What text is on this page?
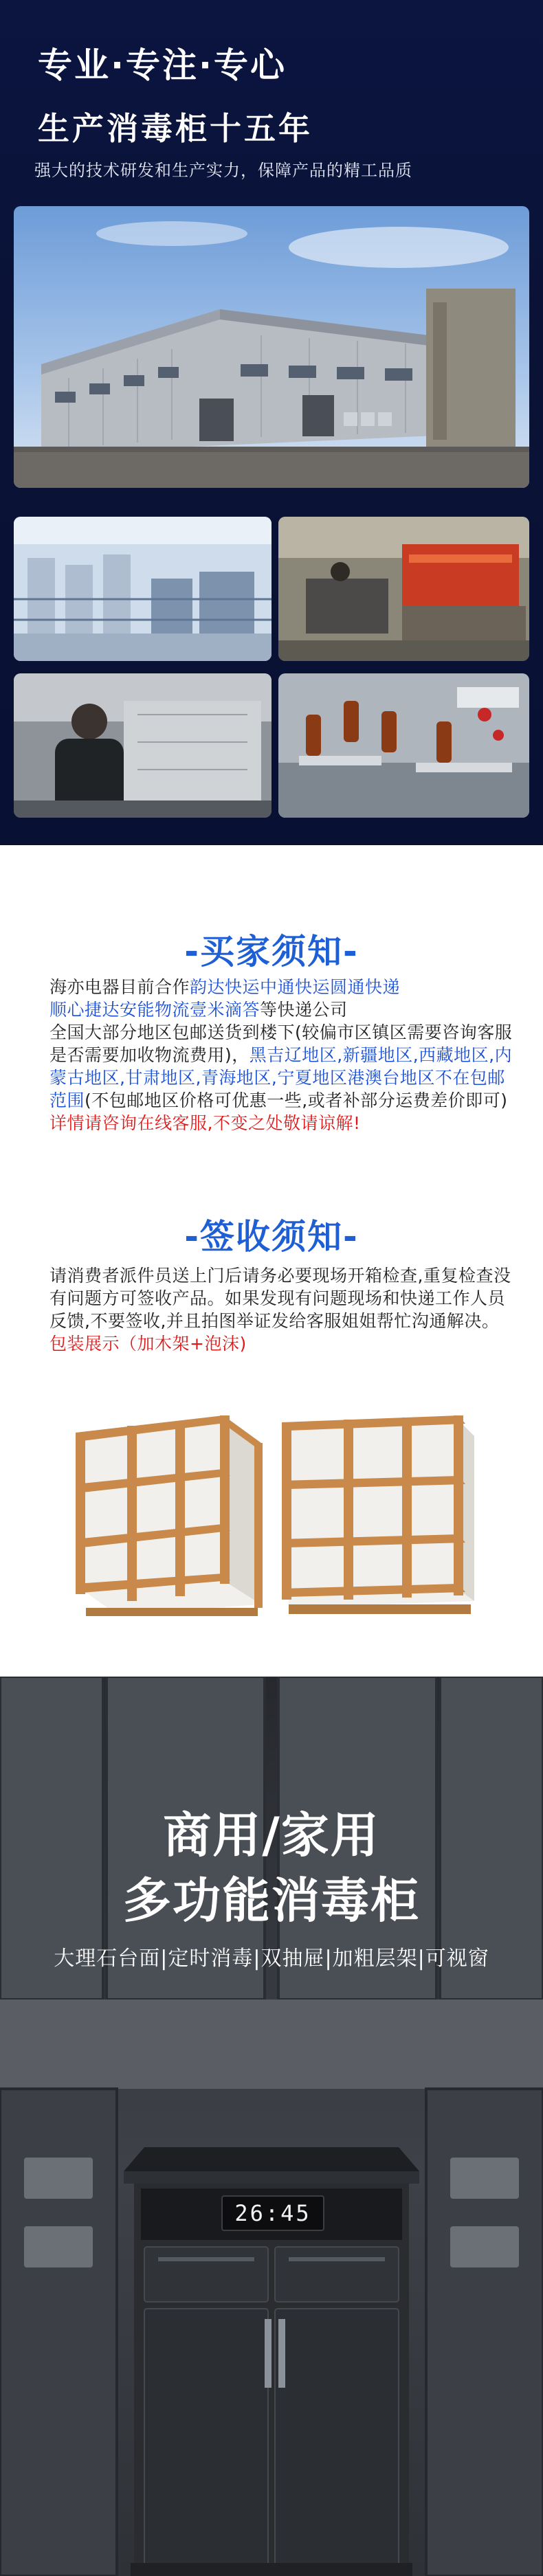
专业·专注·专心
生产消毒柜十五年
强大的技术研发和生产实力，保障产品的精工品质
-买家须知-
海亦电器目前合作韵达快运中通快运圆通快递
顺心捷达安能物流壹米滴答等快递公司
全国大部分地区包邮送货到楼下(较偏市区镇区需要咨询客服是否需要加收物流费用)，黑吉辽地区,新疆地区,西藏地区,内蒙古地区,甘肃地区,青海地区,宁夏地区港澳台地区不在包邮范围(不包邮地区价格可优惠一些,或者补部分运费差价即可)
详情请咨询在线客服,不变之处敬请谅解!
-签收须知-
请消费者派件员送上门后请务必要现场开箱检查,重复检查没有问题方可签收产品。如果发现有问题现场和快递工作人员反馈,不要签收,并且拍图举证发给客服姐姐帮忙沟通解决。
包装展示（加木架+泡沫)
商用/家用
多功能消毒柜
大理石台面|定时消毒|双抽屉|加粗层架|可视窗
26:45
